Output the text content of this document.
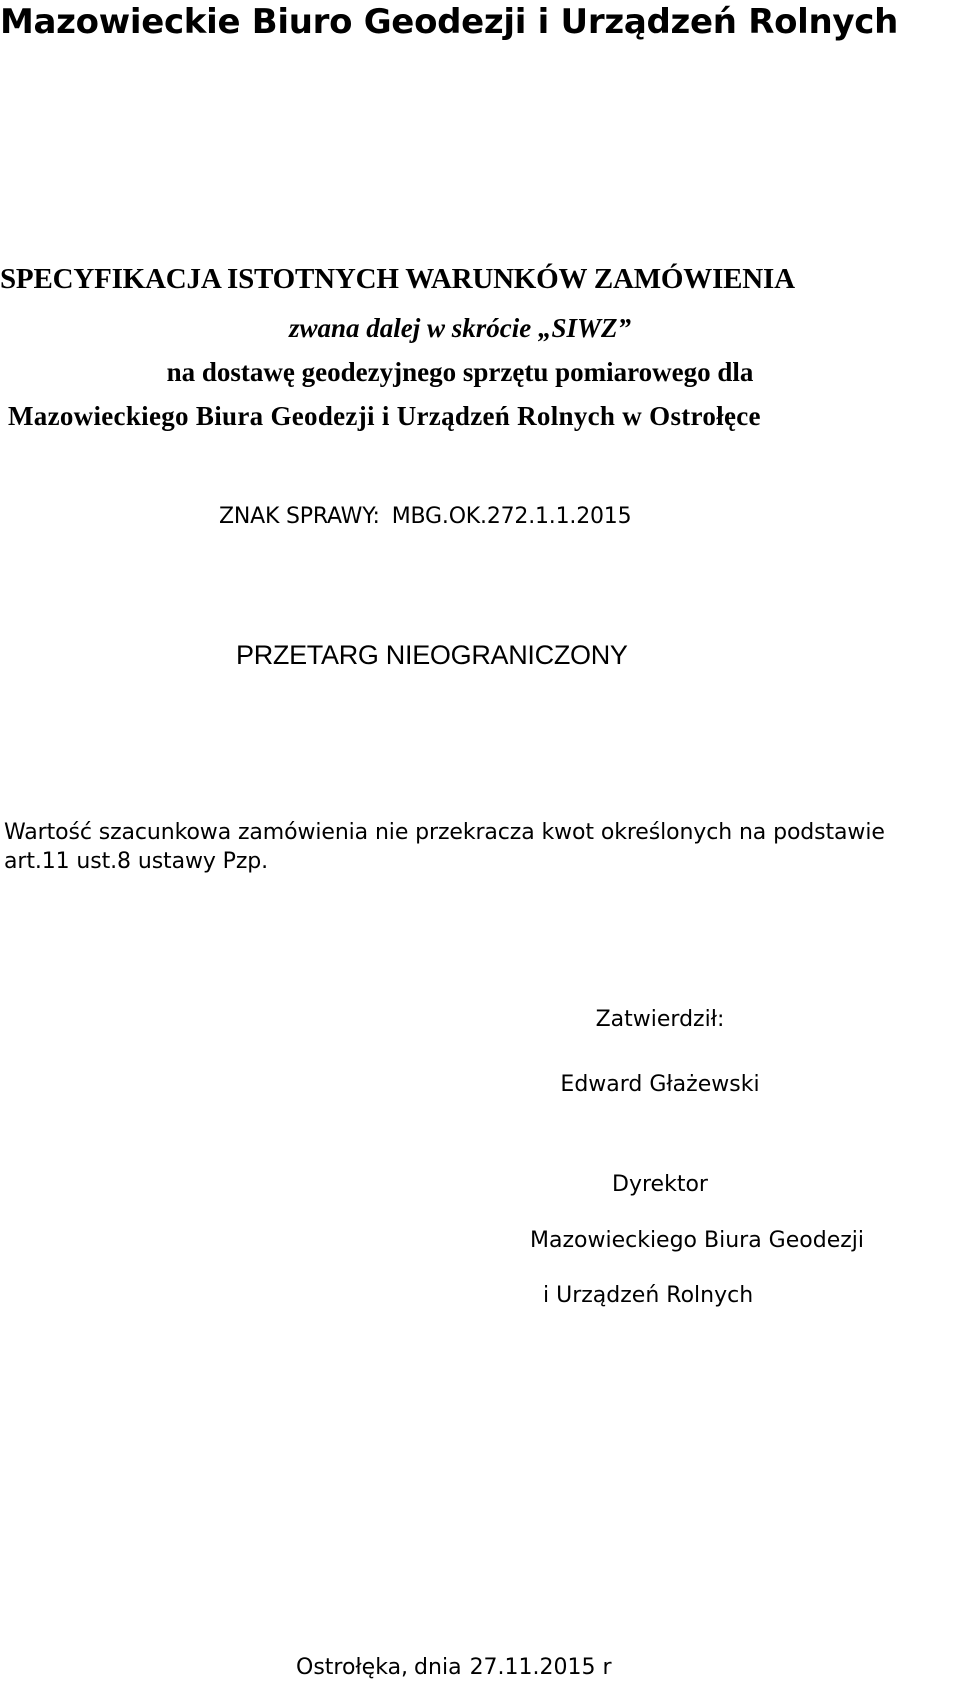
Mazowieckie Biuro Geodezji i Urządzeń Rolnych
SPECYFIKACJA ISTOTNYCH WARUNKÓW ZAMÓWIENIA
zwana dalej w skrócie „SIWZ”
na dostawę geodezyjnego sprzętu pomiarowego dla
Mazowieckiego Biura Geodezji i Urządzeń Rolnych w Ostrołęce
ZNAK SPRAWY: MBG.OK.272.1.1.2015
PRZETARG NIEOGRANICZONY

Wartość szacunkowa zamówienia nie przekracza kwot określonych na podstawie art.11 ust.8 ustawy Pzp.

Zatwierdził:
Edward Głażewski
Dyrektor
Mazowieckiego Biura Geodezji
i Urządzeń Rolnych
Ostrołęka, dnia 27.11.2015 r
